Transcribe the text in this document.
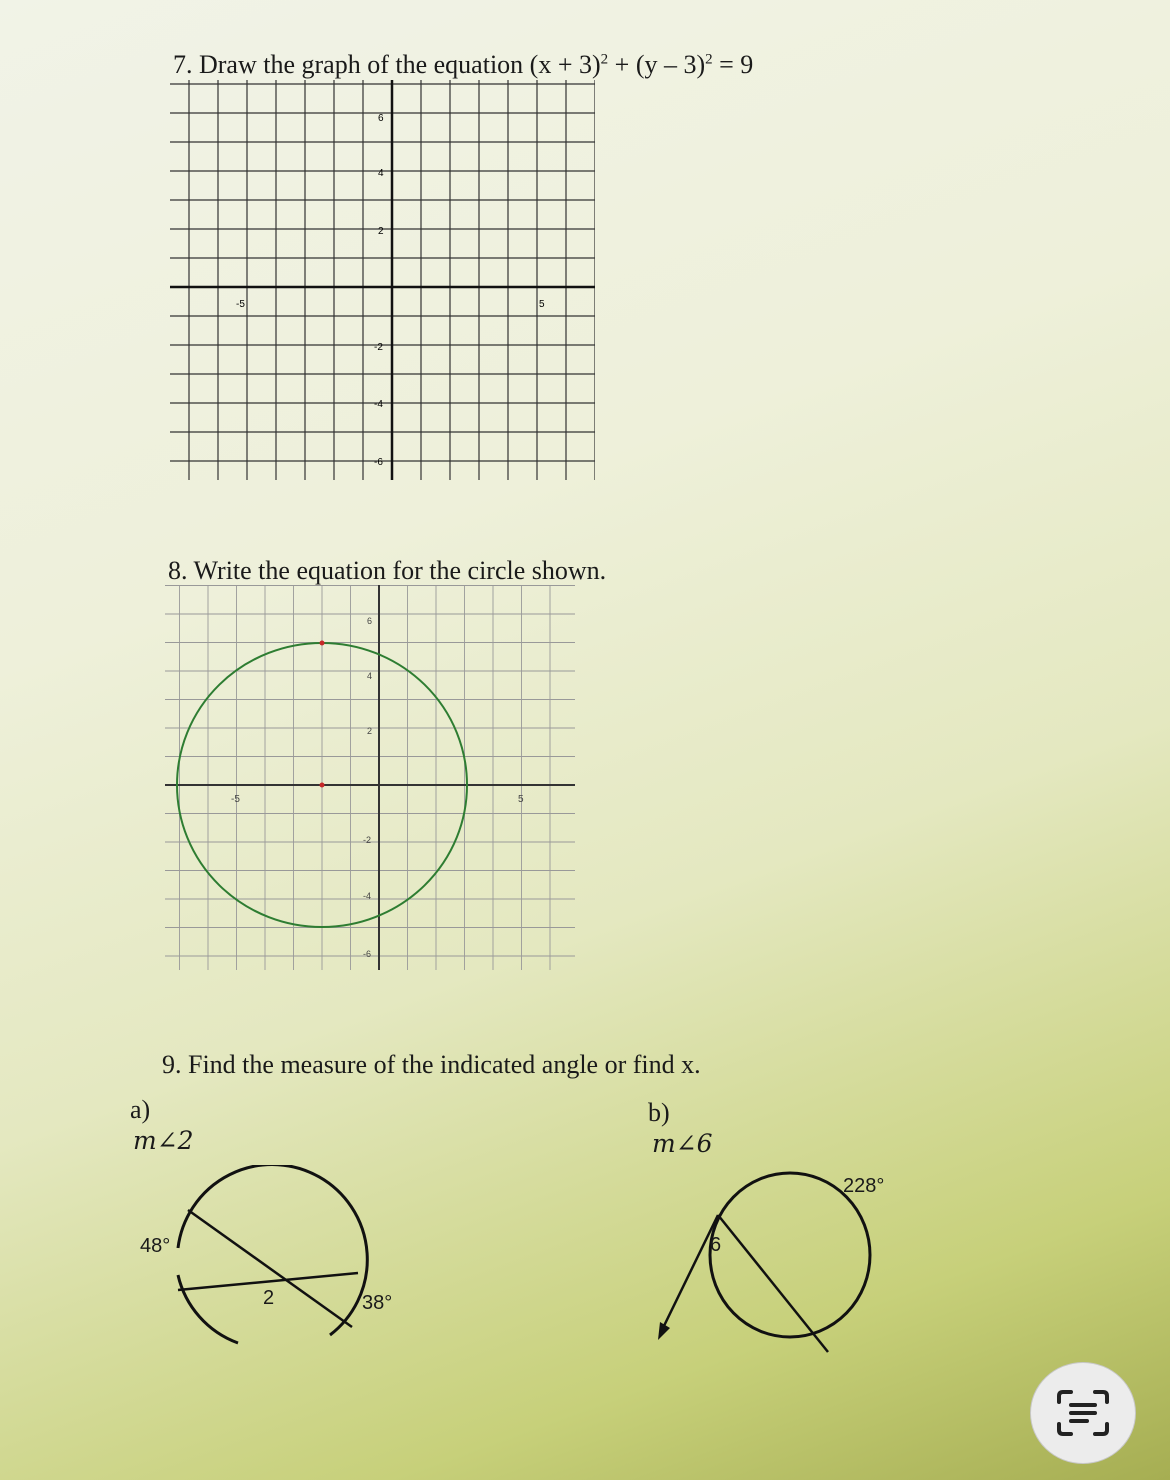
7. Draw the graph of the equation $(x + 3)^2 + (y - 3)^2 = 9$
-5	5
6
4
2
-2
-4
-6
8. Write the equation for the circle shown.
-5	5
6
4
2
-2
-4
-6
9. Find the measure of the indicated angle or find x.
a)
m∠2
b)
m∠6
48°
38°
2
228°
6
